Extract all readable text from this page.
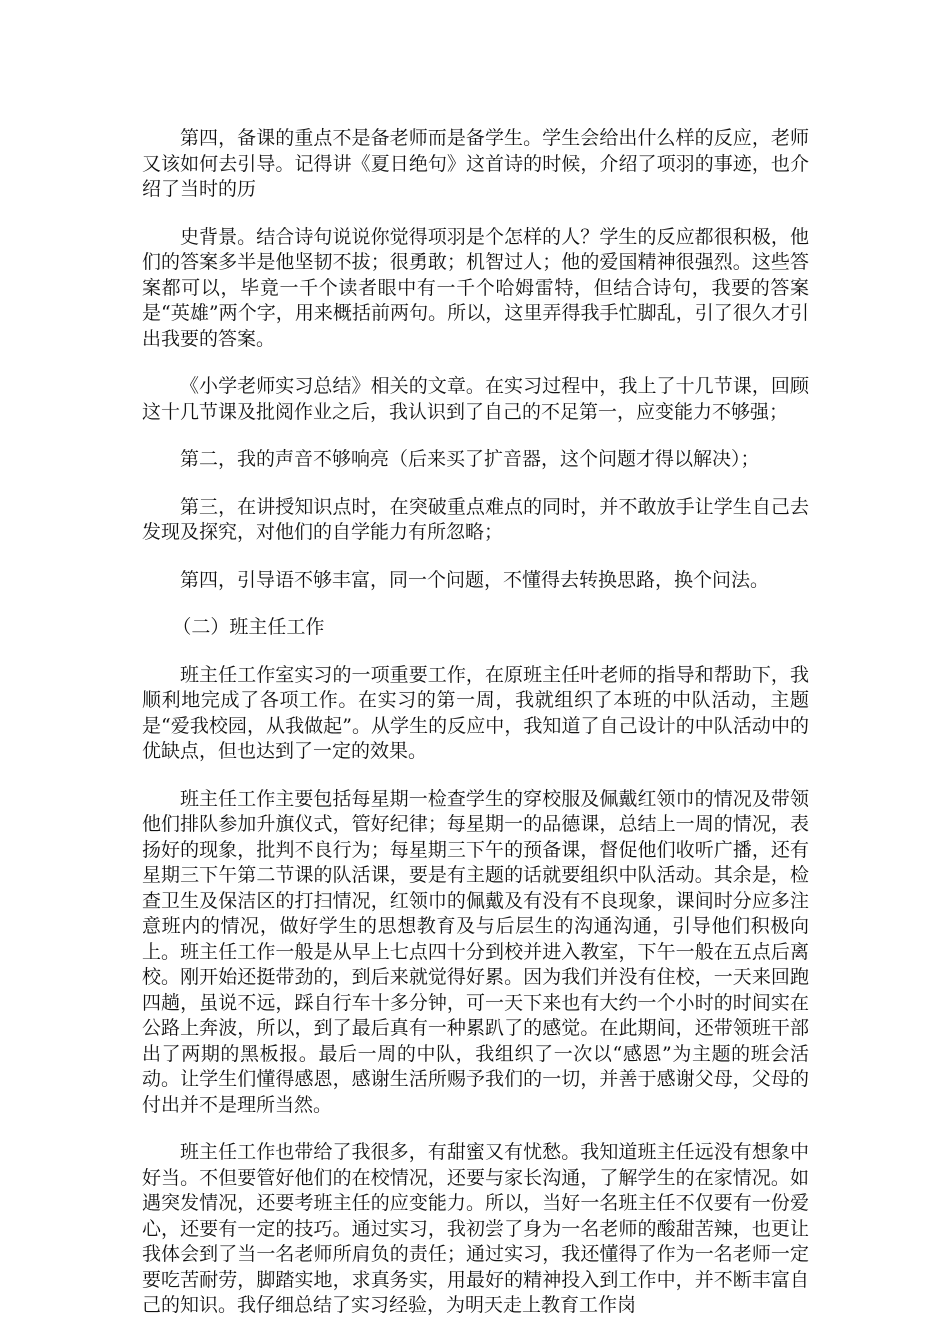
第四，备课的重点不是备老师而是备学生。学生会给出什么样的反应，老师又该如何去引导。记得讲《夏日绝句》这首诗的时候，介绍了项羽的事迹，也介绍了当时的历

史背景。结合诗句说说你觉得项羽是个怎样的人？学生的反应都很积极，他们的答案多半是他坚韧不拔；很勇敢；机智过人；他的爱国精神很强烈。这些答案都可以，毕竟一千个读者眼中有一千个哈姆雷特，但结合诗句，我要的答案是“英雄”两个字，用来概括前两句。所以，这里弄得我手忙脚乱，引了很久才引出我要的答案。

《小学老师实习总结》相关的文章。在实习过程中，我上了十几节课，回顾这十几节课及批阅作业之后，我认识到了自己的不足第一，应变能力不够强；

第二，我的声音不够响亮（后来买了扩音器，这个问题才得以解决）；

第三，在讲授知识点时，在突破重点难点的同时，并不敢放手让学生自己去发现及探究，对他们的自学能力有所忽略；

第四，引导语不够丰富，同一个问题，不懂得去转换思路，换个问法。

（二）班主任工作

班主任工作室实习的一项重要工作，在原班主任叶老师的指导和帮助下，我顺利地完成了各项工作。在实习的第一周，我就组织了本班的中队活动，主题是“爱我校园，从我做起”。从学生的反应中，我知道了自己设计的中队活动中的优缺点，但也达到了一定的效果。

班主任工作主要包括每星期一检查学生的穿校服及佩戴红领巾的情况及带领他们排队参加升旗仪式，管好纪律；每星期一的品德课，总结上一周的情况，表扬好的现象，批判不良行为；每星期三下午的预备课，督促他们收听广播，还有星期三下午第二节课的队活课，要是有主题的话就要组织中队活动。其余是，检查卫生及保洁区的打扫情况，红领巾的佩戴及有没有不良现象，课间时分应多注意班内的情况，做好学生的思想教育及与后层生的沟通沟通，引导他们积极向上。班主任工作一般是从早上七点四十分到校并进入教室，下午一般在五点后离校。刚开始还挺带劲的，到后来就觉得好累。因为我们并没有住校，一天来回跑四趟，虽说不远，踩自行车十多分钟，可一天下来也有大约一个小时的时间实在公路上奔波，所以，到了最后真有一种累趴了的感觉。在此期间，还带领班干部出了两期的黑板报。最后一周的中队，我组织了一次以“感恩”为主题的班会活动。让学生们懂得感恩，感谢生活所赐予我们的一切，并善于感谢父母，父母的付出并不是理所当然。

班主任工作也带给了我很多，有甜蜜又有忧愁。我知道班主任远没有想象中好当。不但要管好他们的在校情况，还要与家长沟通，了解学生的在家情况。如遇突发情况，还要考班主任的应变能力。所以，当好一名班主任不仅要有一份爱心，还要有一定的技巧。通过实习，我初尝了身为一名老师的酸甜苦辣，也更让我体会到了当一名老师所肩负的责任；通过实习，我还懂得了作为一名老师一定要吃苦耐劳，脚踏实地，求真务实，用最好的精神投入到工作中，并不断丰富自己的知识。我仔细总结了实习经验，为明天走上教育工作岗
